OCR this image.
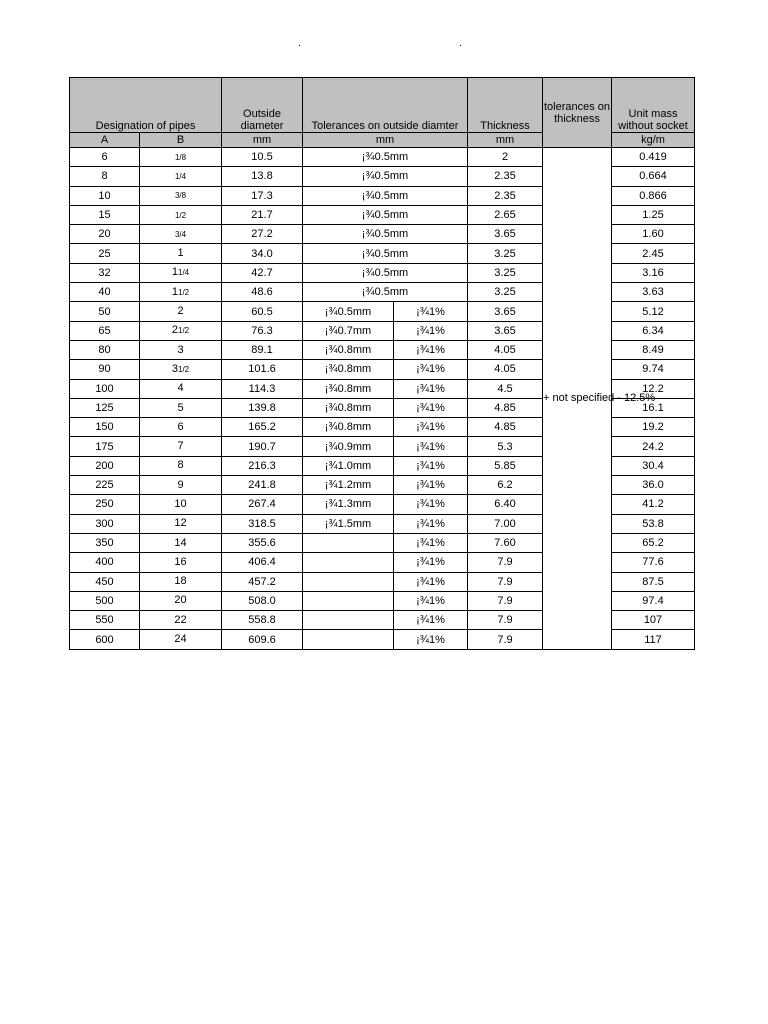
.	.
Designation of pipes		Outside diameter	Tolerances on outside diamter		Thickness	tolerances on thickness	Unit mass without socket
A	B	mm	mm		mm		kg/m
6	1/8	10.5	¡¾0.5mm		2	+ not specified - 12.5%	0.419
8	1/4	13.8	¡¾0.5mm		2.35		0.664
10	3/8	17.3	¡¾0.5mm		2.35		0.866
15	1/2	21.7	¡¾0.5mm		2.65		1.25
20	3/4	27.2	¡¾0.5mm		3.65		1.60
25	1	34.0	¡¾0.5mm		3.25		2.45
32	11/4	42.7	¡¾0.5mm		3.25		3.16
40	11/2	48.6	¡¾0.5mm		3.25		3.63
50	2	60.5	¡¾0.5mm	¡¾1%	3.65		5.12
65	21/2	76.3	¡¾0.7mm	¡¾1%	3.65		6.34
80	3	89.1	¡¾0.8mm	¡¾1%	4.05		8.49
90	31/2	101.6	¡¾0.8mm	¡¾1%	4.05		9.74
100	4	114.3	¡¾0.8mm	¡¾1%	4.5		12.2
125	5	139.8	¡¾0.8mm	¡¾1%	4.85		16.1
150	6	165.2	¡¾0.8mm	¡¾1%	4.85		19.2
175	7	190.7	¡¾0.9mm	¡¾1%	5.3		24.2
200	8	216.3	¡¾1.0mm	¡¾1%	5.85		30.4
225	9	241.8	¡¾1.2mm	¡¾1%	6.2		36.0
250	10	267.4	¡¾1.3mm	¡¾1%	6.40		41.2
300	12	318.5	¡¾1.5mm	¡¾1%	7.00		53.8
350	14	355.6		¡¾1%	7.60		65.2
400	16	406.4		¡¾1%	7.9		77.6
450	18	457.2		¡¾1%	7.9		87.5
500	20	508.0		¡¾1%	7.9		97.4
550	22	558.8		¡¾1%	7.9		107
600	24	609.6		¡¾1%	7.9		117
